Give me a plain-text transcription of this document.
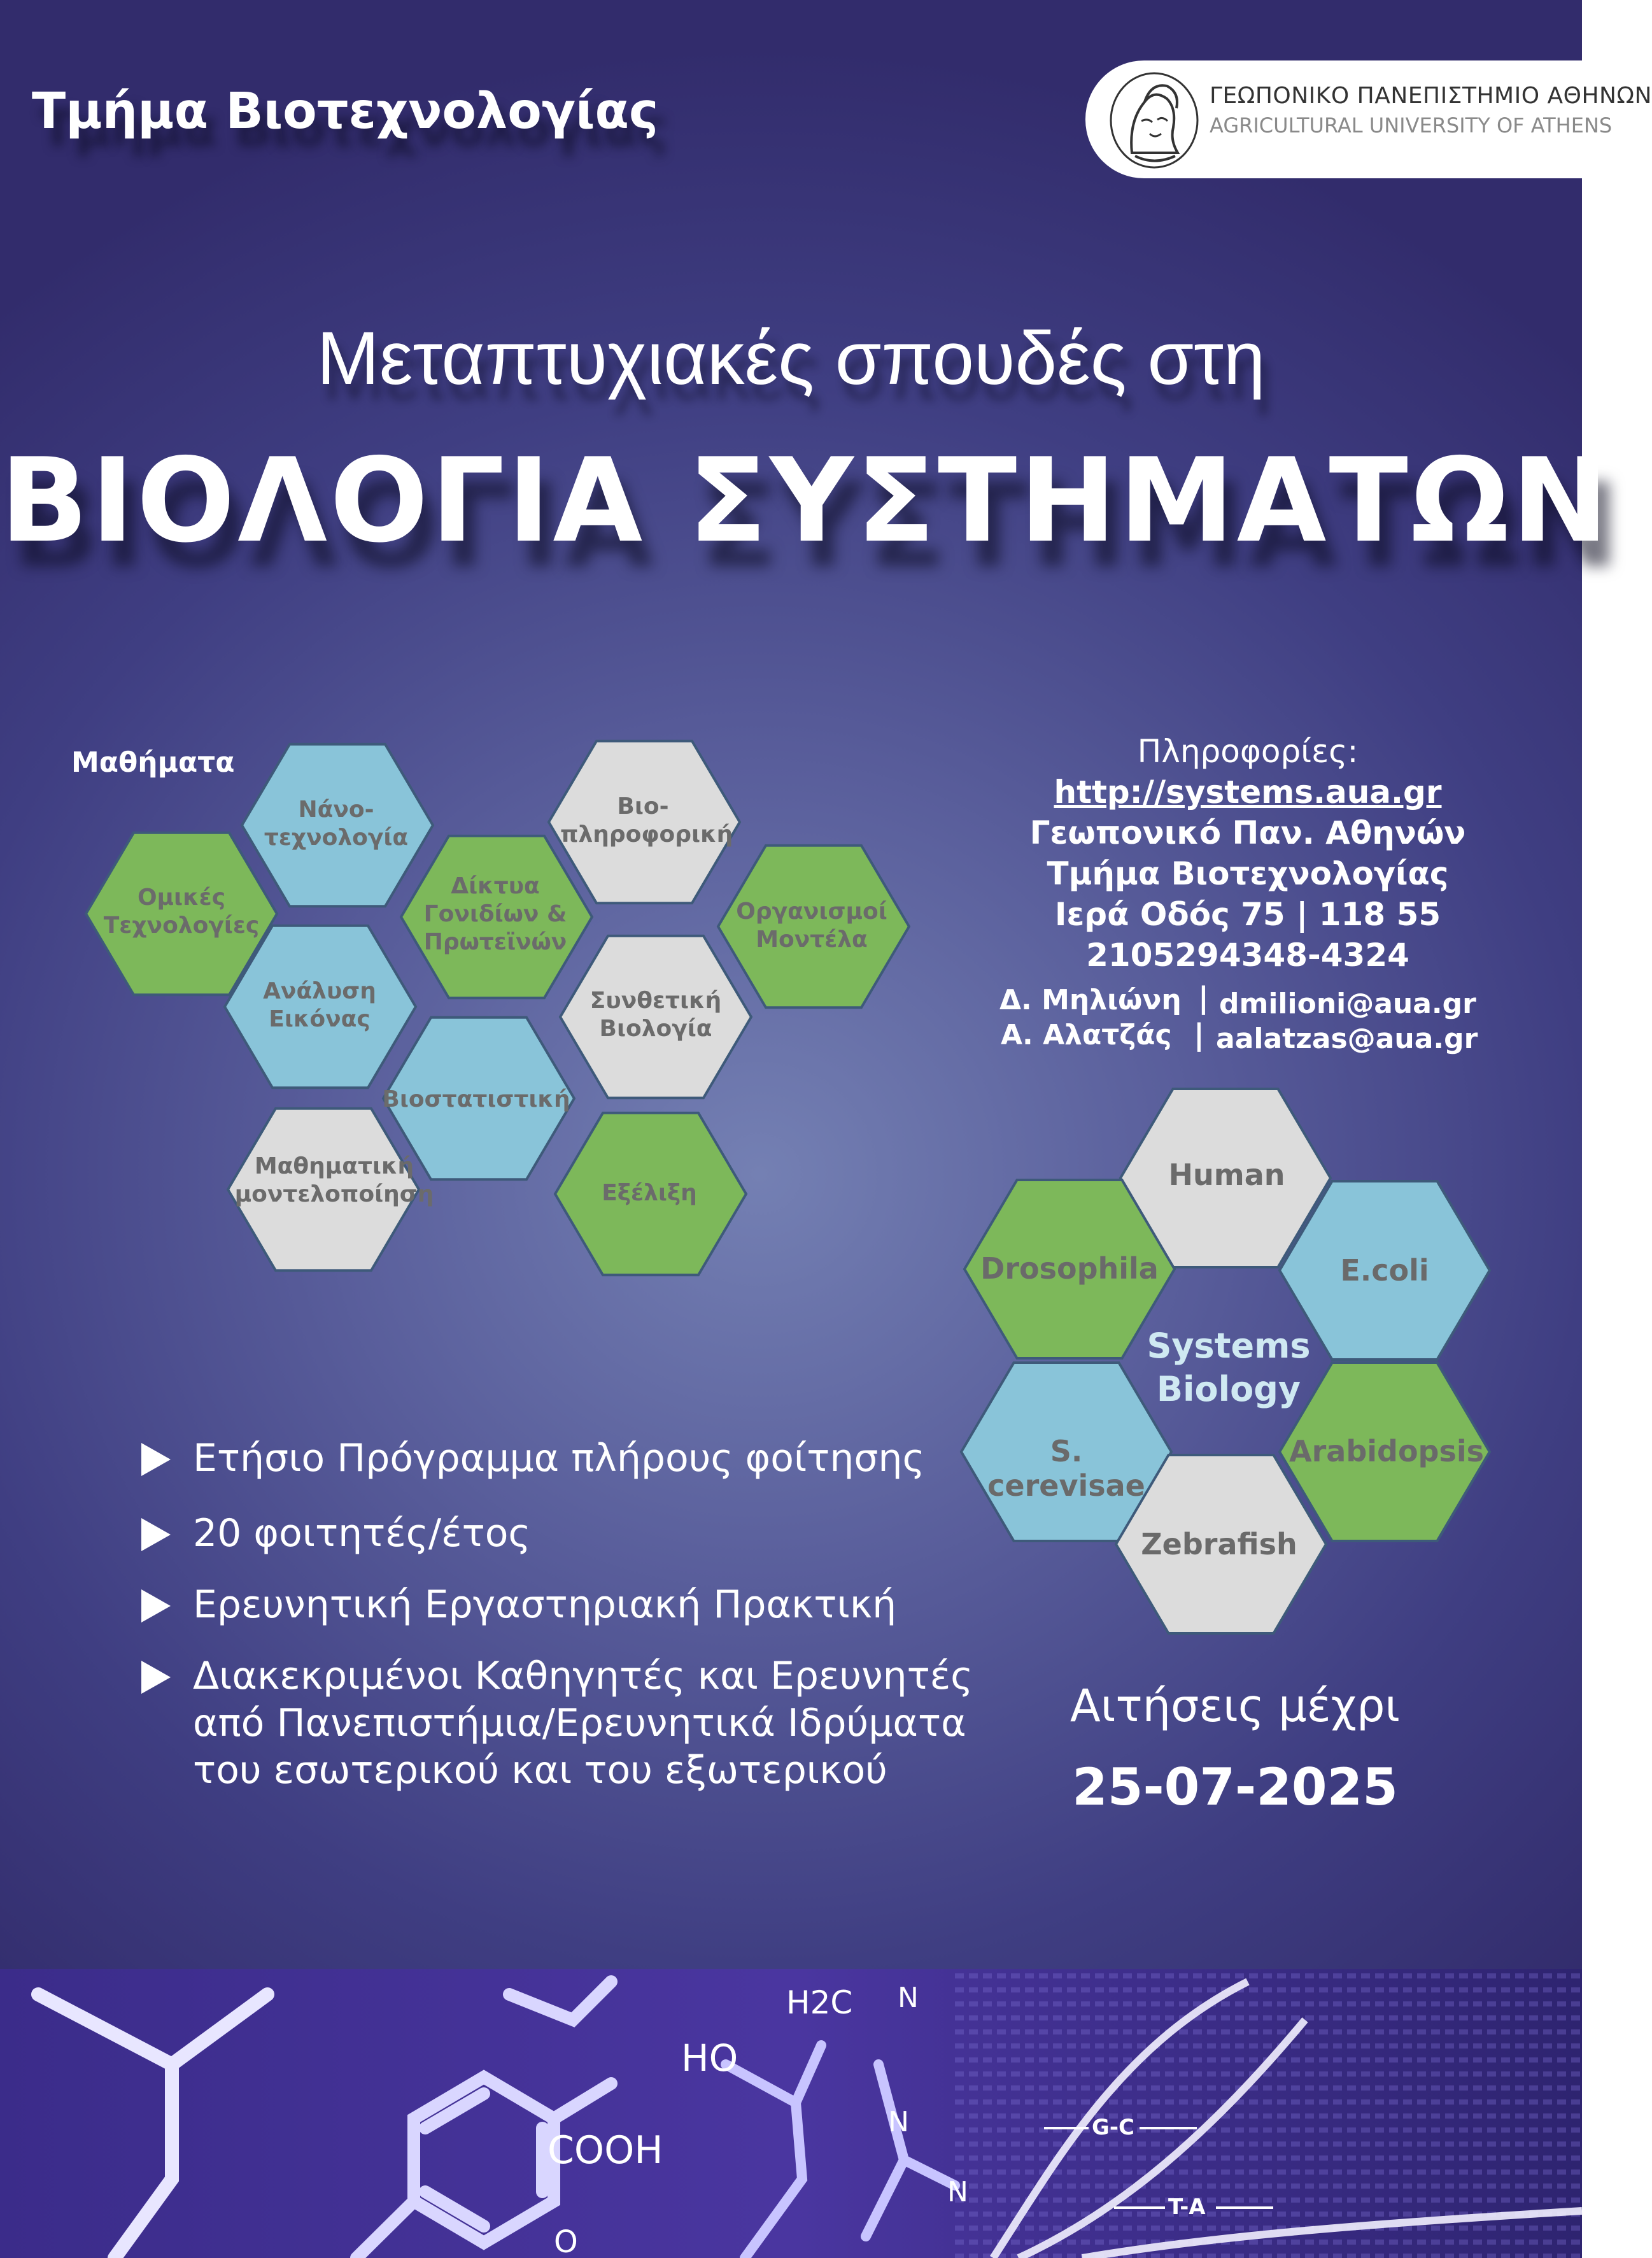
Τμήμα Βιοτεχνολογίας	ΓΕΩΠΟΝΙΚΟ ΠΑΝΕΠΙΣΤΗΜΙΟ ΑΘΗΝΩΝ
AGRICULTURAL UNIVERSITY OF ATHENS
Μεταπτυχιακές σπουδές στη
ΒΙΟΛΟΓΙΑ ΣΥΣΤΗΜΑΤΩΝ
Μαθήματα
Ομικές Τεχνολογίες
Νάνο-τεχνολογία
Ανάλυση Εικόνας
Δίκτυα Γονιδίων & Πρωτεϊνών
Βιο-πληροφορική
Συνθετική Βιολογία
Οργανισμοί Μοντέλα
Βιοστατιστική
Μαθηματική μοντελοποίηση	Εξέλιξη
Πληροφορίες:
http://systems.aua.gr
Γεωπονικό Παν. Αθηνών
Τμήμα Βιοτεχνολογίας
Ιερά Οδός 75 | 118 55
2105294348-4324
Δ. Μηλιώνη | dmilioni@aua.gr
Α. Αλατζάς | aalatzas@aua.gr
Human
Drosophila	E.coli
S. cerevisae
Arabidopsis
Zebrafish
Systems
Biology
Ετήσιο Πρόγραμμα πλήρους φοίτησης
20 φοιτητές/έτος
Ερευνητική Εργαστηριακή Πρακτική
Διακεκριμένοι Καθηγητές και Ερευνητές
από Πανεπιστήμια/Ερευνητικά Ιδρύματα
του εσωτερικού και του εξωτερικού
Αιτήσεις μέχρι
25-07-2025
COOH
HO
H2C N
N
N
O
G-C
T-A
